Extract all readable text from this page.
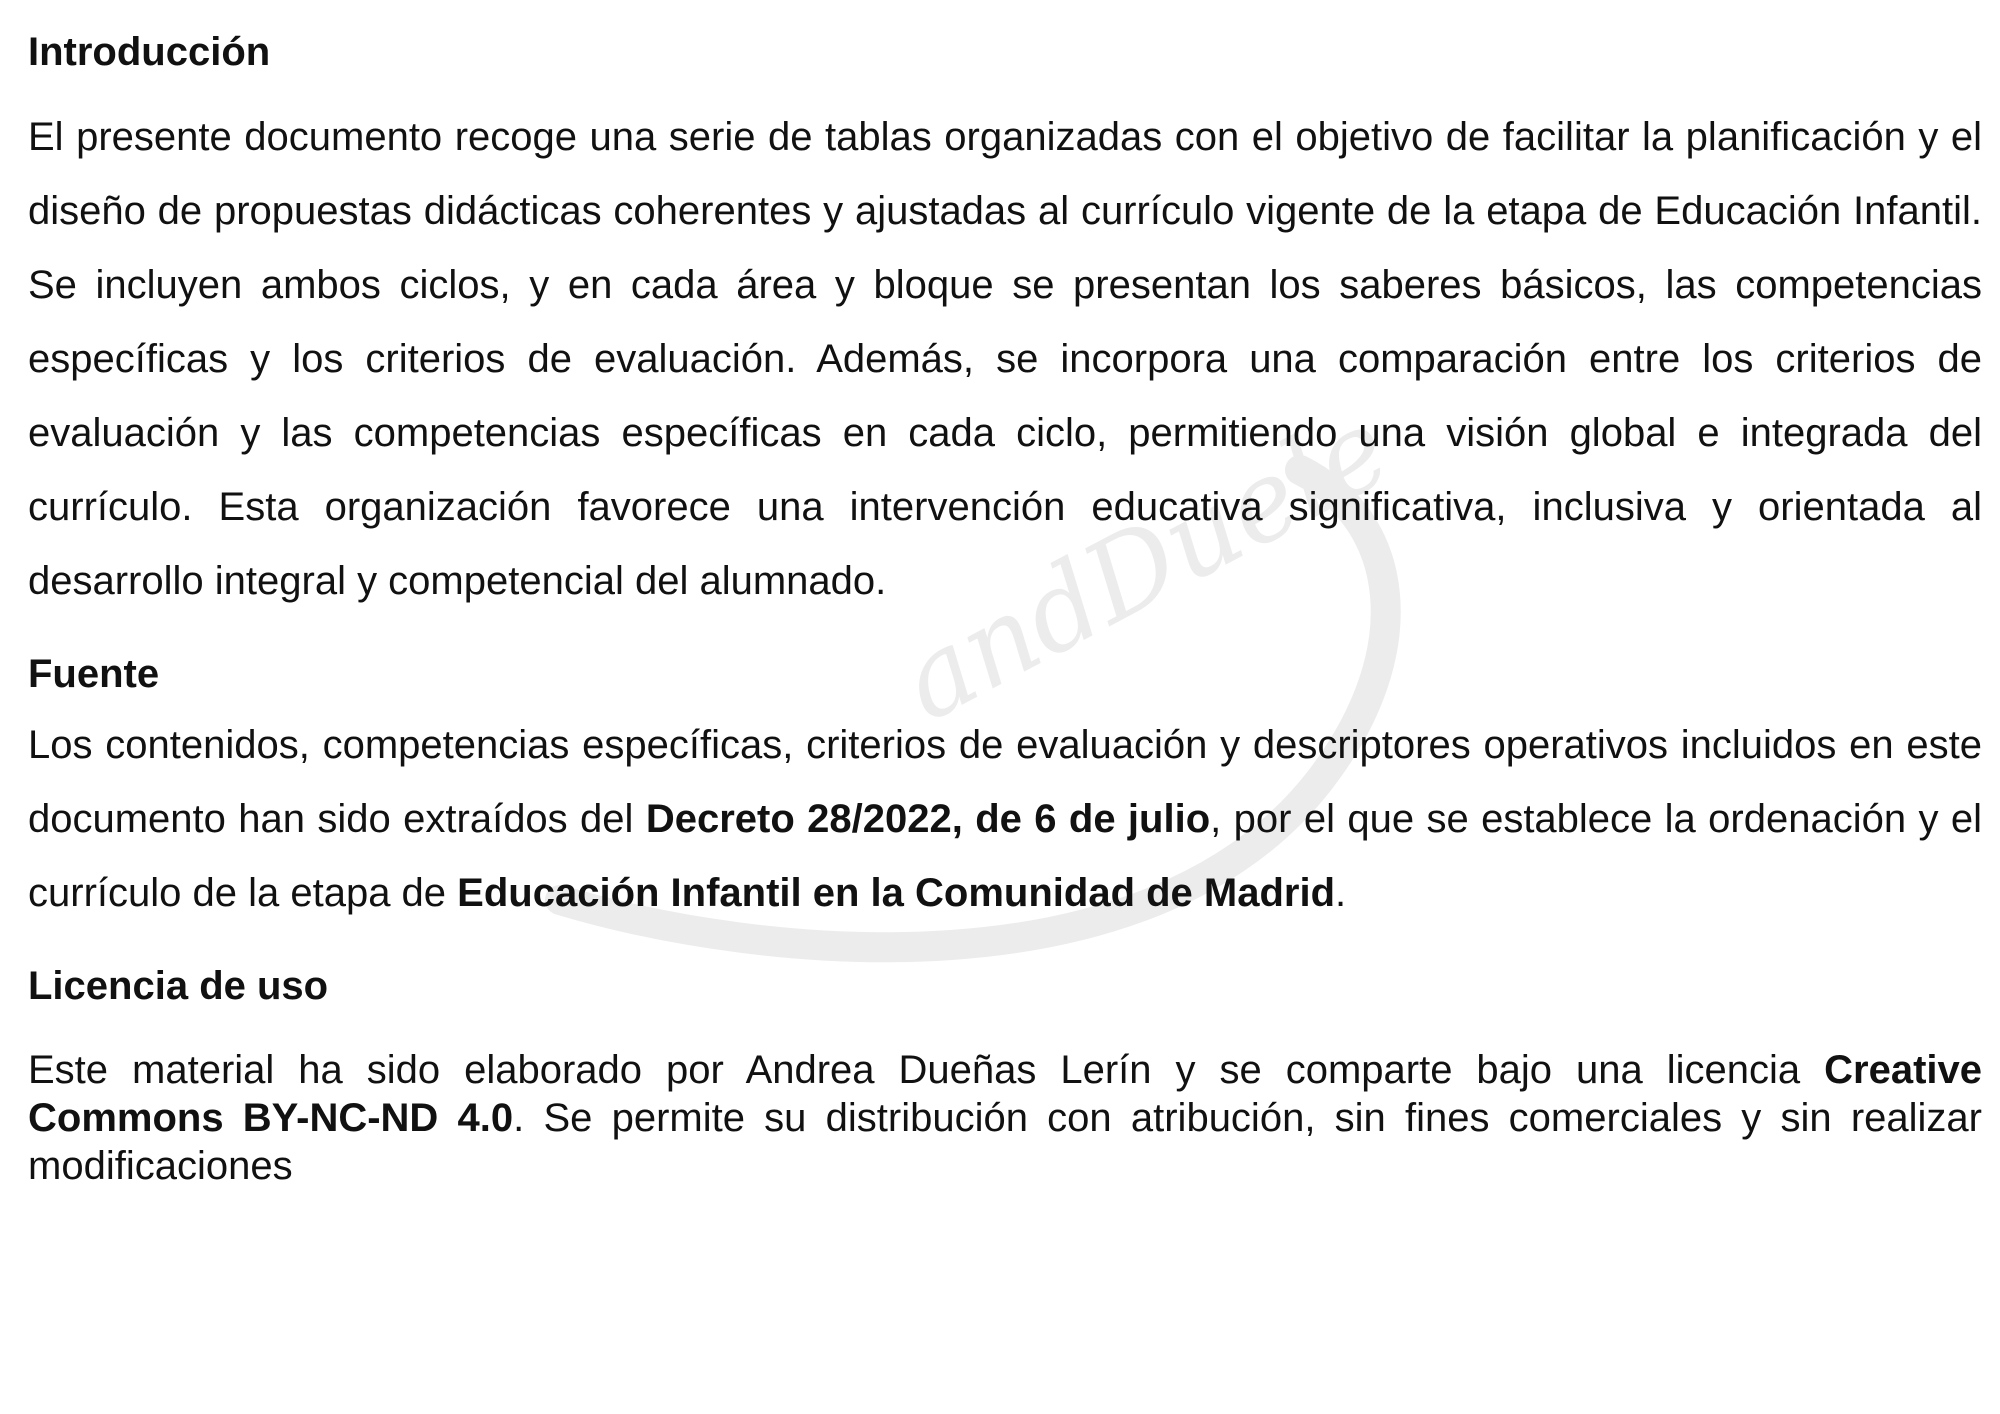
andDuele
Introducción

El presente documento recoge una serie de tablas organizadas con el objetivo de facilitar la planificación y el diseño de propuestas didácticas coherentes y ajustadas al currículo vigente de la etapa de Educación Infantil. Se incluyen ambos ciclos, y en cada área y bloque se presentan los saberes básicos, las competencias específicas y los criterios de evaluación. Además, se incorpora una comparación entre los criterios de evaluación y las competencias específicas en cada ciclo, permitiendo una visión global e integrada del currículo. Esta organización favorece una intervención educativa significativa, inclusiva y orientada al desarrollo integral y competencial del alumnado.

Fuente

Los contenidos, competencias específicas, criterios de evaluación y descriptores operativos incluidos en este documento han sido extraídos del Decreto 28/2022, de 6 de julio, por el que se establece la ordenación y el currículo de la etapa de Educación Infantil en la Comunidad de Madrid.

Licencia de uso

Este material ha sido elaborado por Andrea Dueñas Lerín y se comparte bajo una licencia Creative Commons BY-NC-ND 4.0. Se permite su distribución con atribución, sin fines comerciales y sin realizar modificaciones
